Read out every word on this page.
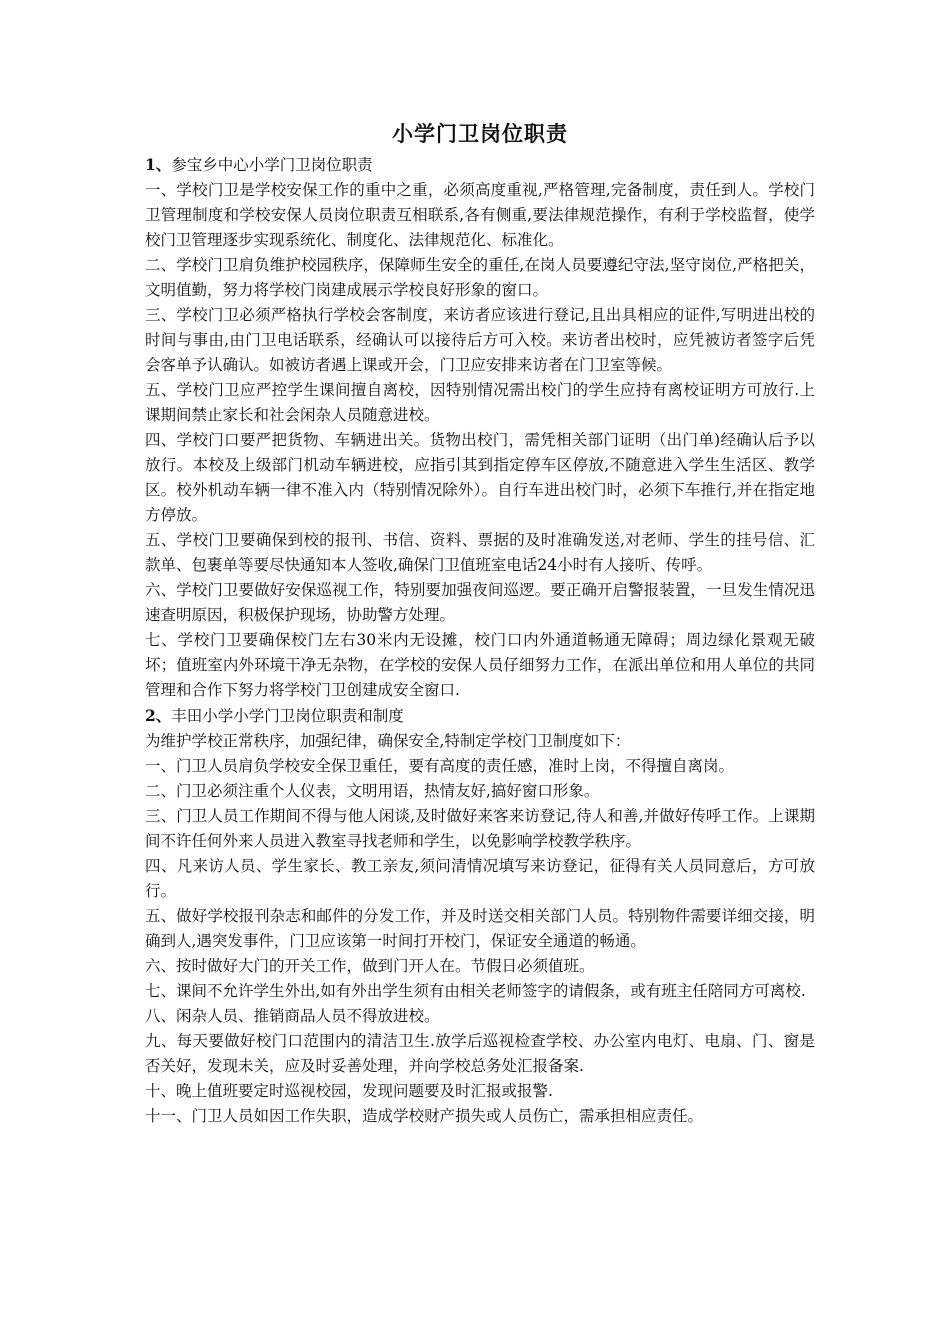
小学门卫岗位职责

1、参宝乡中心小学门卫岗位职责

一、学校门卫是学校安保工作的重中之重，必须高度重视,严格管理,完备制度，责任到人。学校门卫管理制度和学校安保人员岗位职责互相联系,各有侧重,要法律规范操作，有利于学校监督，使学校门卫管理逐步实现系统化、制度化、法律规范化、标准化。

二、学校门卫肩负维护校园秩序，保障师生安全的重任,在岗人员要遵纪守法,坚守岗位,严格把关，文明值勤，努力将学校门岗建成展示学校良好形象的窗口。

三、学校门卫必须严格执行学校会客制度，来访者应该进行登记,且出具相应的证件,写明进出校的时间与事由,由门卫电话联系，经确认可以接待后方可入校。来访者出校时，应凭被访者签字后凭会客单予认确认。如被访者遇上课或开会，门卫应安排来访者在门卫室等候。

五、学校门卫应严控学生课间擅自离校，因特别情况需出校门的学生应持有离校证明方可放行.上课期间禁止家长和社会闲杂人员随意进校。

四、学校门口要严把货物、车辆进出关。货物出校门，需凭相关部门证明（出门单)经确认后予以放行。本校及上级部门机动车辆进校，应指引其到指定停车区停放,不随意进入学生生活区、教学区。校外机动车辆一律不准入内（特别情况除外）。自行车进出校门时，必须下车推行,并在指定地方停放。

五、学校门卫要确保到校的报刊、书信、资料、票据的及时准确发送,对老师、学生的挂号信、汇款单、包裹单等要尽快通知本人签收,确保门卫值班室电话24小时有人接听、传呼。

六、学校门卫要做好安保巡视工作，特别要加强夜间巡逻。要正确开启警报装置，一旦发生情况迅速查明原因，积极保护现场，协助警方处理。

七、学校门卫要确保校门左右30米内无设摊，校门口内外通道畅通无障碍；周边绿化景观无破坏；值班室内外环境干净无杂物，在学校的安保人员仔细努力工作，在派出单位和用人单位的共同管理和合作下努力将学校门卫创建成安全窗口.

2、丰田小学小学门卫岗位职责和制度

为维护学校正常秩序，加强纪律，确保安全,特制定学校门卫制度如下：

一、门卫人员肩负学校安全保卫重任，要有高度的责任感，准时上岗，不得擅自离岗。

二、门卫必须注重个人仪表，文明用语，热情友好,搞好窗口形象。

三、门卫人员工作期间不得与他人闲谈,及时做好来客来访登记,待人和善,并做好传呼工作。上课期间不许任何外来人员进入教室寻找老师和学生，以免影响学校教学秩序。

四、凡来访人员、学生家长、教工亲友,须问清情况填写来访登记，征得有关人员同意后，方可放行。

五、做好学校报刊杂志和邮件的分发工作，并及时送交相关部门人员。特别物件需要详细交接，明确到人,遇突发事件，门卫应该第一时间打开校门，保证安全通道的畅通。

六、按时做好大门的开关工作，做到门开人在。节假日必须值班。

七、课间不允许学生外出,如有外出学生须有由相关老师签字的请假条，或有班主任陪同方可离校.

八、闲杂人员、推销商品人员不得放进校。

九、每天要做好校门口范围内的清洁卫生.放学后巡视检查学校、办公室内电灯、电扇、门、窗是否关好，发现未关，应及时妥善处理，并向学校总务处汇报备案.

十、晚上值班要定时巡视校园，发现问题要及时汇报或报警.

十一、门卫人员如因工作失职，造成学校财产损失或人员伤亡，需承担相应责任。
